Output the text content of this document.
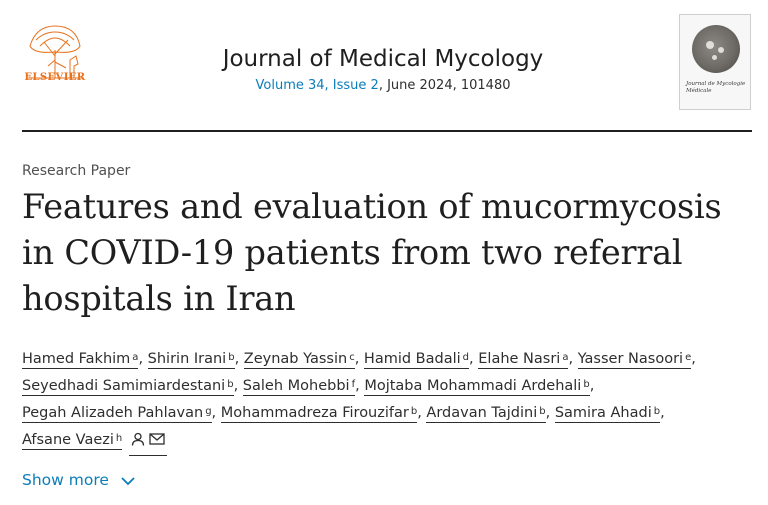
ELSEVIER
Journal of Medical Mycology
Volume 34, Issue 2, June 2024, 101480	Journal de Mycologie Médicale
Research Paper
Features and evaluation of mucormycosis in COVID-19 patients from two referral hospitals in Iran
Hamed Fakhim $^a$, Shirin Irani $^b$, Zeynab Yassin $^c$, Hamid Badali $^d$, Elahe Nasri $^a$, Yasser Nasoori $^e$,
Seyedhadi Samimiardestani $^b$, Saleh Mohebbi $^f$, Mojtaba Mohammadi Ardehali $^b$,
Pegah Alizadeh Pahlavan $^g$, Mohammadreza Firouzifar $^b$, Ardavan Tajdini $^b$, Samira Ahadi $^b$,
Afsane Vaezi $^h$
Show more
